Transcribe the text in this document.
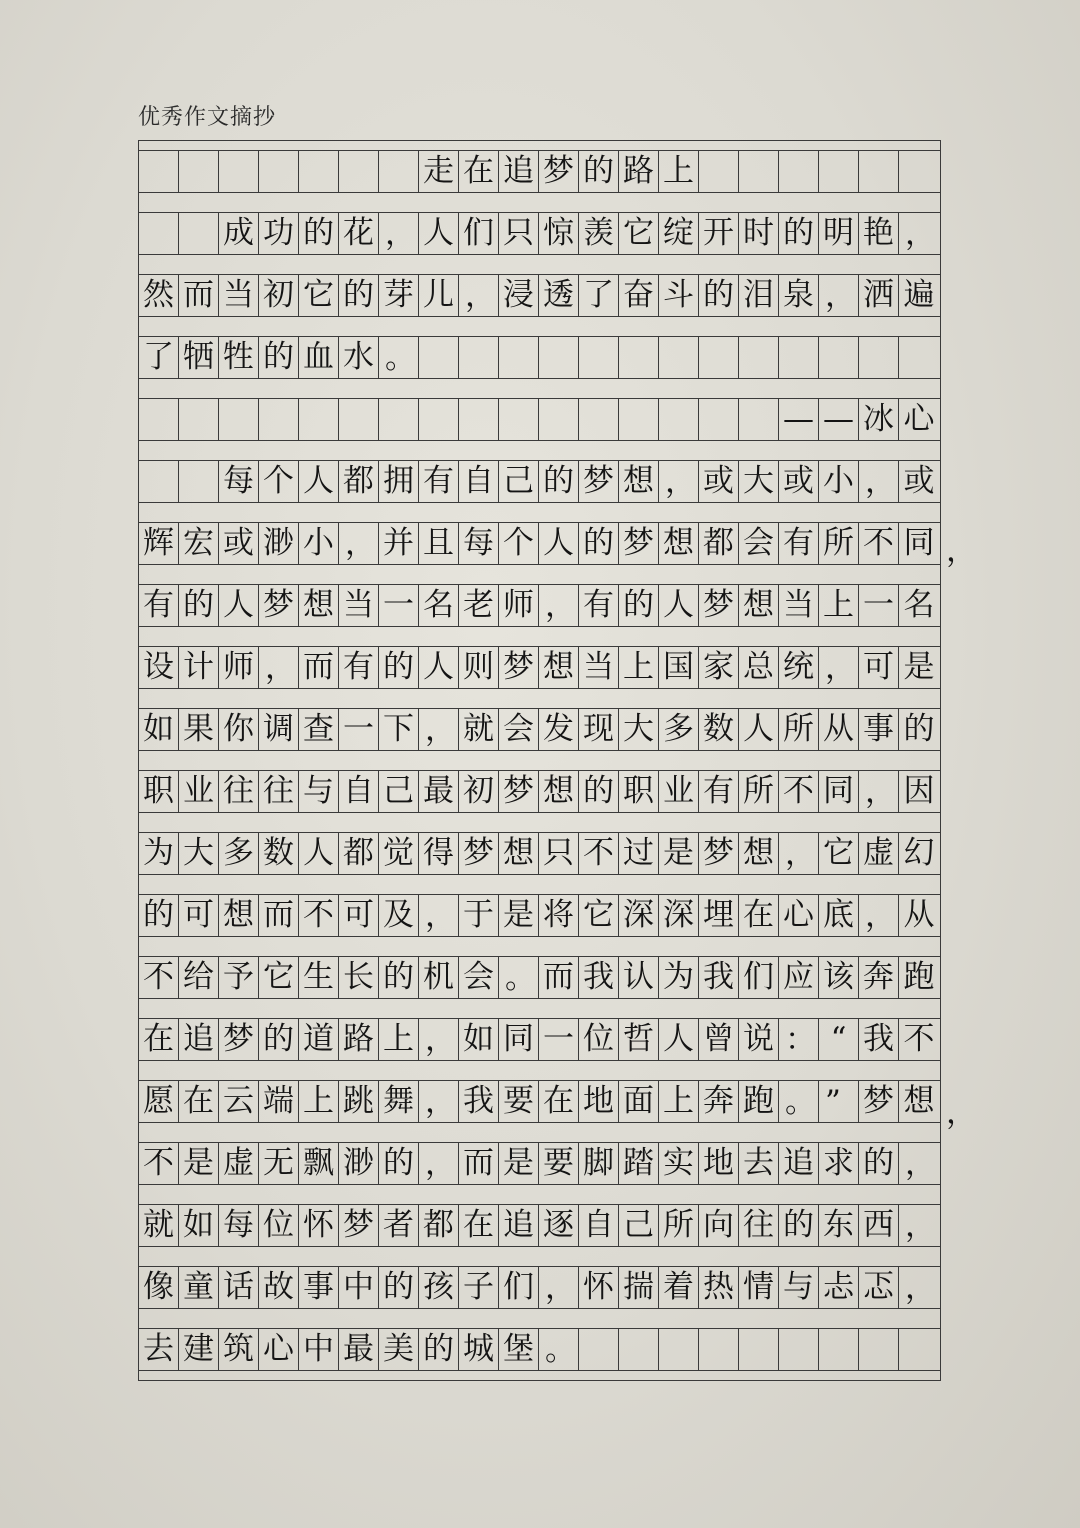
优秀作文摘抄
走 在 追 梦 的 路 上
成 功 的 花 ， 人 们 只 惊 羡 它 绽 开 时 的 明 艳 ，
然 而 当 初 它 的 芽 儿 ， 浸 透 了 奋 斗 的 泪 泉 ， 洒 遍
了 牺 牲 的 血 水 。
— — 冰 心
每 个 人 都 拥 有 自 己 的 梦 想 ， 或 大 或 小 ， 或
辉 宏 或 渺 小 ， 并 且 每 个 人 的 梦 想 都 会 有 所 不 同
有 的 人 梦 想 当 一 名 老 师 ， 有 的 人 梦 想 当 上 一 名
设 计 师 ， 而 有 的 人 则 梦 想 当 上 国 家 总 统 ， 可 是
如 果 你 调 查 一 下 ， 就 会 发 现 大 多 数 人 所 从 事 的
职 业 往 往 与 自 己 最 初 梦 想 的 职 业 有 所 不 同 ， 因
为 大 多 数 人 都 觉 得 梦 想 只 不 过 是 梦 想 ， 它 虚 幻
的 可 想 而 不 可 及 ， 于 是 将 它 深 深 埋 在 心 底 ， 从
不 给 予 它 生 长 的 机 会 。 而 我 认 为 我 们 应 该 奔 跑
在 追 梦 的 道 路 上 ， 如 同 一 位 哲 人 曾 说 ： “ 我 不
愿 在 云 端 上 跳 舞 ， 我 要 在 地 面 上 奔 跑 。 ” 梦 想
不 是 虚 无 飘 渺 的 ， 而 是 要 脚 踏 实 地 去 追 求 的 ，
就 如 每 位 怀 梦 者 都 在 追 逐 自 己 所 向 往 的 东 西 ，
像 童 话 故 事 中 的 孩 子 们 ， 怀 揣 着 热 情 与 忐 忑 ，
去 建 筑 心 中 最 美 的 城 堡 。
，
，
